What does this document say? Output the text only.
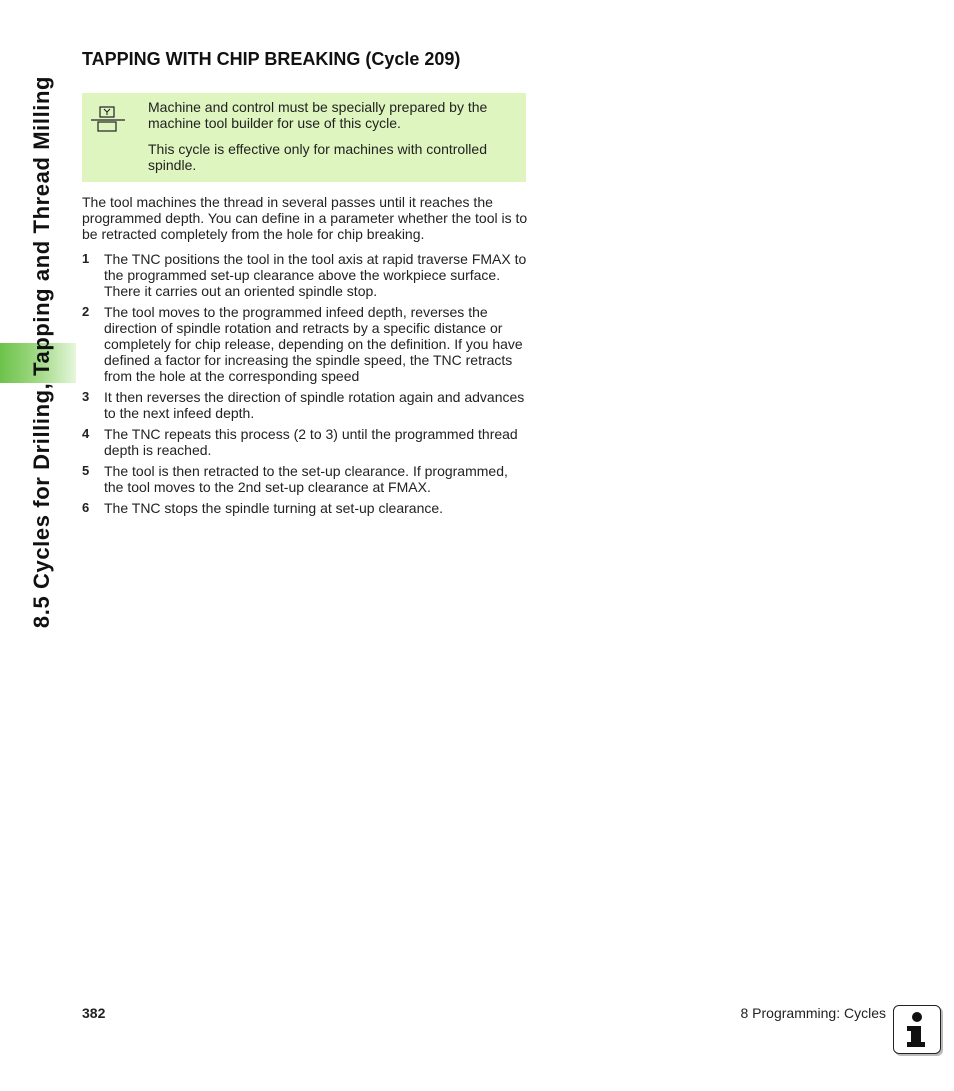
8.5 Cycles for Drilling, Tapping and Thread Milling
TAPPING WITH CHIP BREAKING (Cycle 209)

Machine and control must be specially prepared by the machine tool builder for use of this cycle.

This cycle is effective only for machines with controlled spindle.

The tool machines the thread in several passes until it reaches the programmed depth. You can define in a parameter whether the tool is to be retracted completely from the hole for chip breaking.

1 The TNC positions the tool in the tool axis at rapid traverse FMAX to the programmed set-up clearance above the workpiece surface. There it carries out an oriented spindle stop.
2 The tool moves to the programmed infeed depth, reverses the direction of spindle rotation and retracts by a specific distance or completely for chip release, depending on the definition. If you have defined a factor for increasing the spindle speed, the TNC retracts from the hole at the corresponding speed
3 It then reverses the direction of spindle rotation again and advances to the next infeed depth.
4 The TNC repeats this process (2 to 3) until the programmed thread depth is reached.
5 The tool is then retracted to the set-up clearance. If programmed, the tool moves to the 2nd set-up clearance at FMAX.
6 The TNC stops the spindle turning at set-up clearance.
382	8 Programming: Cycles
